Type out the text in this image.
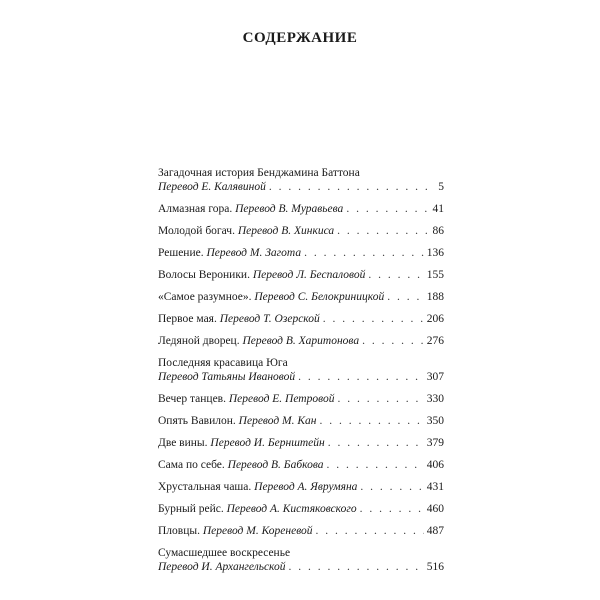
СОДЕРЖАНИЕ
Загадочная история Бенджамина Баттона
Перевод Е. Калявиной . . .	5
Алмазная гора. Перевод В. Муравьева . . .	41
Молодой богач. Перевод В. Хинкиса . . .	86
Решение. Перевод М. Загота . . .	136
Волосы Вероники. Перевод Л. Беспаловой . . .	155
«Самое разумное». Перевод С. Белокриницкой . . .	188
Первое мая. Перевод Т. Озерской . . .	206
Ледяной дворец. Перевод В. Харитонова . . .	276
Последняя красавица Юга
Перевод Татьяны Ивановой . . .	307
Вечер танцев. Перевод Е. Петровой . . .	330
Опять Вавилон. Перевод М. Кан . . .	350
Две вины. Перевод И. Бернштейн . . .	379
Сама по себе. Перевод В. Бабкова . . .	406
Хрустальная чаша. Перевод А. Яврумяна . . .	431
Бурный рейс. Перевод А. Кистяковского . . .	460
Пловцы. Перевод М. Кореневой . . .	487
Сумасшедшее воскресенье
Перевод И. Архангельской . . .	516
